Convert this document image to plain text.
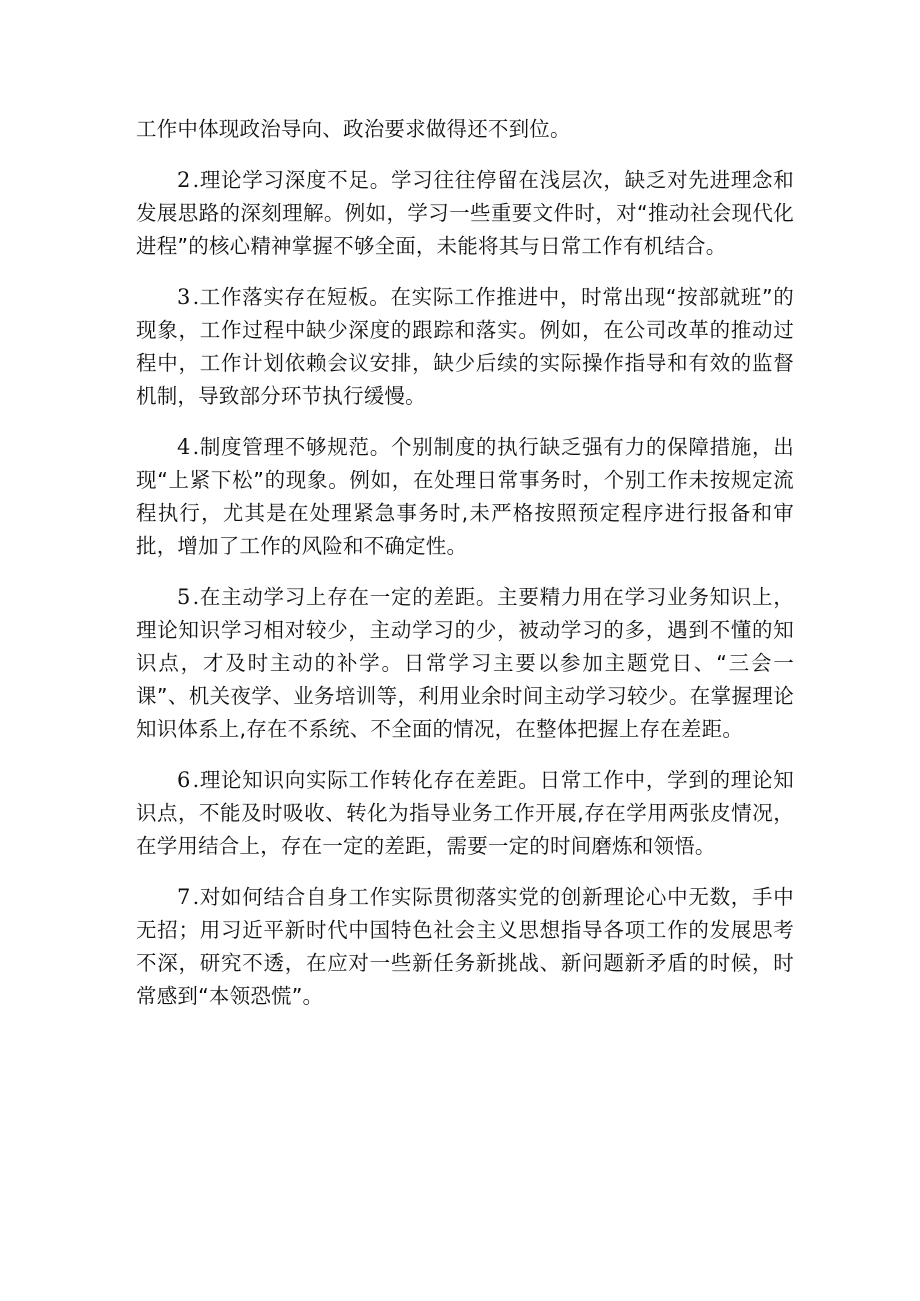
工作中体现政治导向、政治要求做得还不到位。

2.理论学习深度不足。学习往往停留在浅层次，缺乏对先进理念和发展思路的深刻理解。例如，学习一些重要文件时，对“推动社会现代化进程”的核心精神掌握不够全面，未能将其与日常工作有机结合。

3.工作落实存在短板。在实际工作推进中，时常出现“按部就班”的现象，工作过程中缺少深度的跟踪和落实。例如，在公司改革的推动过程中，工作计划依赖会议安排，缺少后续的实际操作指导和有效的监督机制，导致部分环节执行缓慢。

4.制度管理不够规范。个别制度的执行缺乏强有力的保障措施，出现“上紧下松”的现象。例如，在处理日常事务时，个别工作未按规定流程执行，尤其是在处理紧急事务时,未严格按照预定程序进行报备和审批，增加了工作的风险和不确定性。

5.在主动学习上存在一定的差距。主要精力用在学习业务知识上，理论知识学习相对较少，主动学习的少，被动学习的多，遇到不懂的知识点，才及时主动的补学。日常学习主要以参加主题党日、“三会一课”、机关夜学、业务培训等，利用业余时间主动学习较少。在掌握理论知识体系上,存在不系统、不全面的情况，在整体把握上存在差距。

6.理论知识向实际工作转化存在差距。日常工作中，学到的理论知识点，不能及时吸收、转化为指导业务工作开展,存在学用两张皮情况，在学用结合上，存在一定的差距，需要一定的时间磨炼和领悟。

7.对如何结合自身工作实际贯彻落实党的创新理论心中无数，手中无招；用习近平新时代中国特色社会主义思想指导各项工作的发展思考不深，研究不透，在应对一些新任务新挑战、新问题新矛盾的时候，时常感到“本领恐慌”。
